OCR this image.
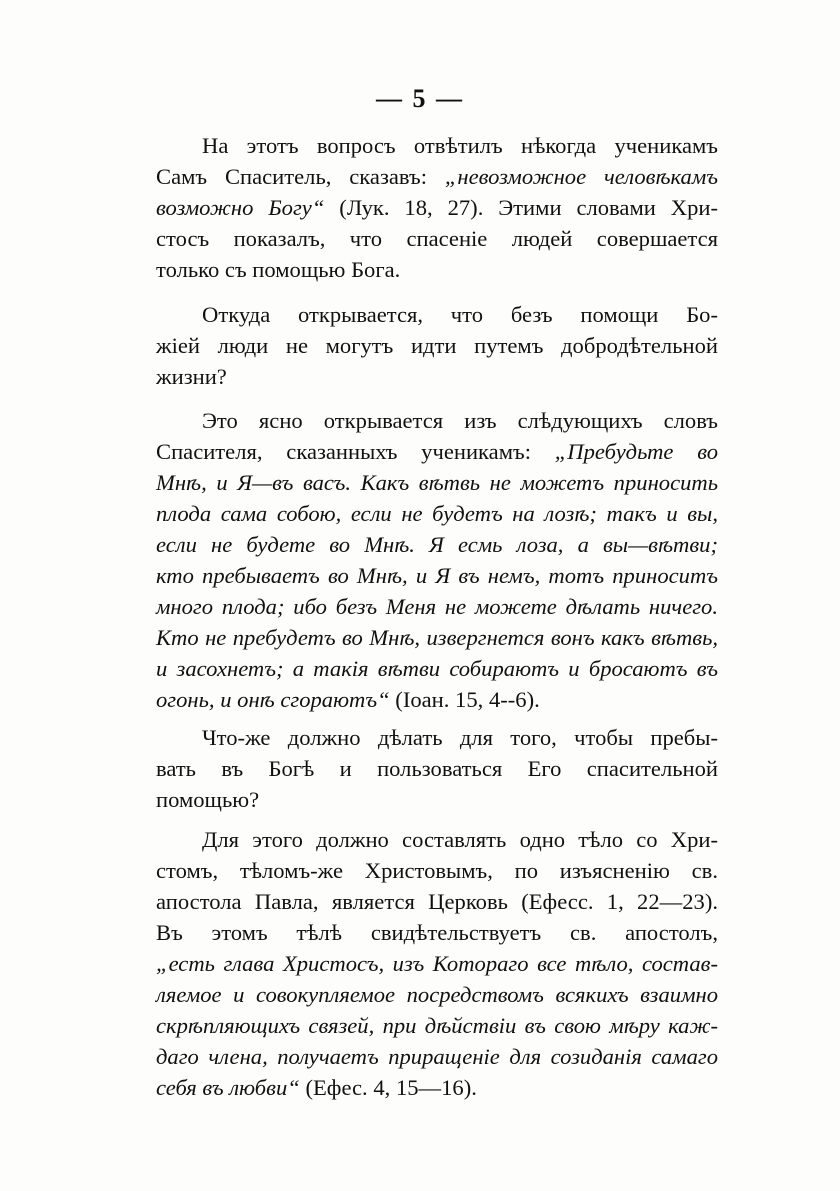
— 5 —
На этотъ вопросъ отвѣтилъ нѣкогда ученикамъ
Самъ Спаситель, сказавъ: „невозможное человѣкамъ
возможно Богу“ (Лук. 18, 27). Этими словами Хри-
стосъ показалъ, что спасеніе людей совершается
только съ помощью Бога.
Откуда открывается, что безъ помощи Бо-
жіей люди не могутъ идти путемъ добродѣтельной
жизни?
Это ясно открывается изъ слѣдующихъ словъ
Спасителя, сказанныхъ ученикамъ: „Пребудьте во
Мнѣ, и Я—въ васъ. Какъ вѣтвь не можетъ приносить
плода сама собою, если не будетъ на лозѣ; такъ и вы,
если не будете во Мнѣ. Я есмь лоза, а вы—вѣтви;
кто пребываетъ во Мнѣ, и Я въ немъ, тотъ приноситъ
много плода; ибо безъ Меня не можете дѣлать ничего.
Кто не пребудетъ во Мнѣ, извергнется вонъ какъ вѣтвь,
и засохнетъ; а такія вѣтви собираютъ и бросаютъ въ
огонь, и онѣ сгораютъ“ (Іоан. 15, 4--6).
Что-же должно дѣлать для того, чтобы пребы-
вать въ Богѣ и пользоваться Его спасительной
помощью?
Для этого должно составлять одно тѣло со Хри-
стомъ, тѣломъ-же Христовымъ, по изъясненію св.
апостола Павла, является Церковь (Ефесс. 1, 22—23).
Въ этомъ тѣлѣ свидѣтельствуетъ св. апостолъ,
„есть глава Христосъ, изъ Котораго все тѣло, состав-
ляемое и совокупляемое посредствомъ всякихъ взаимно
скрѣпляющихъ связей, при дѣйствіи въ свою мѣру каж-
даго члена, получаетъ приращеніе для созиданія самаго
себя въ любви“ (Ефес. 4, 15—16).
